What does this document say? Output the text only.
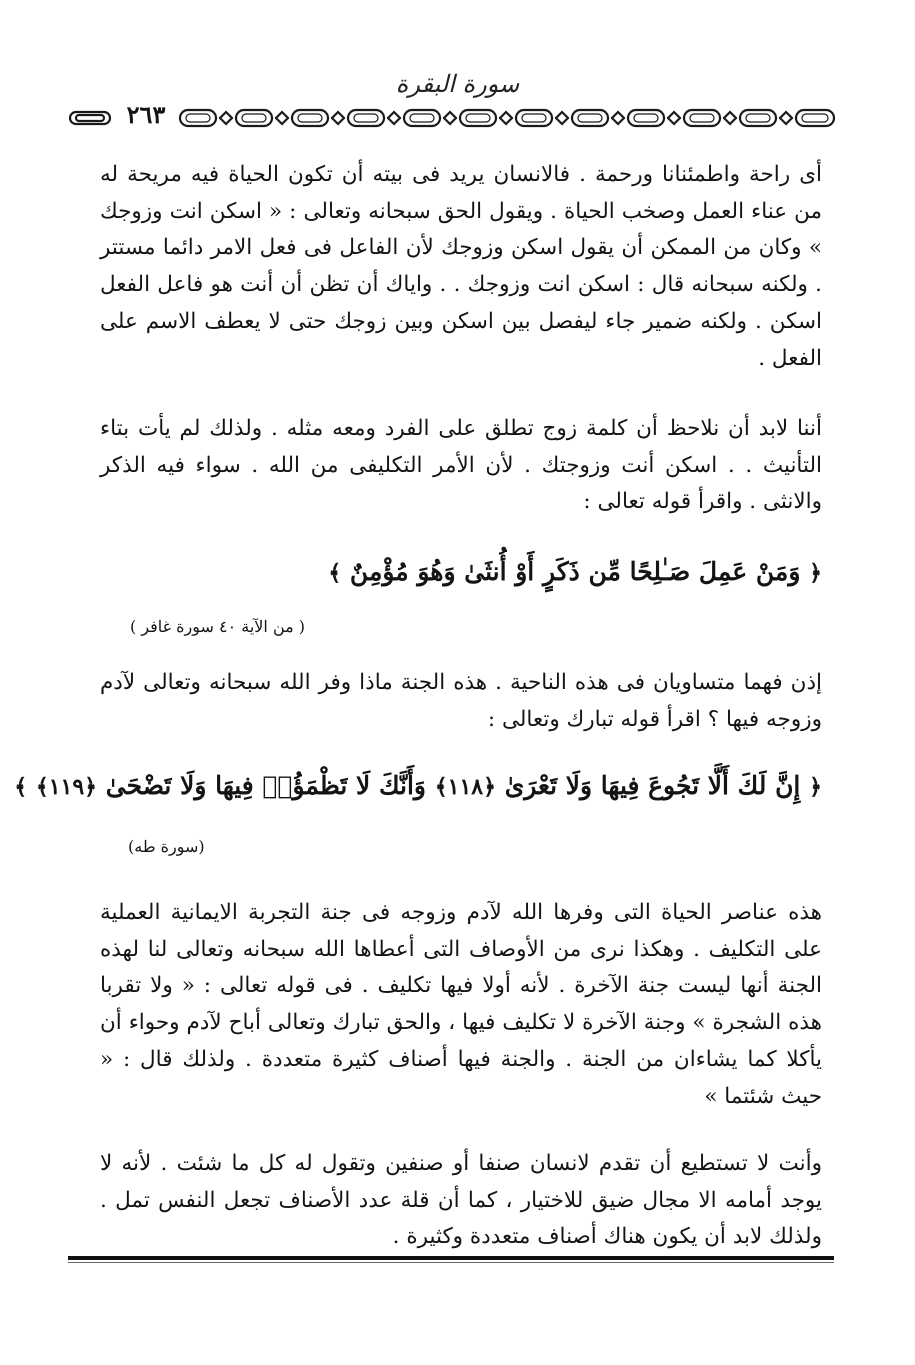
سورة البقرة
٢٦٣

أى راحة واطمئنانا ورحمة . فالانسان يريد فى بيته أن تكون الحياة فيه مريحة له من عناء العمل وصخب الحياة . ويقول الحق سبحانه وتعالى : « اسكن انت وزوجك » وكان من الممكن أن يقول اسكن وزوجك لأن الفاعل فى فعل الامر دائما مستتر . ولكنه سبحانه قال : اسكن انت وزوجك . . واياك أن تظن أن أنت هو فاعل الفعل اسكن . ولكنه ضمير جاء ليفصل بين اسكن وبين زوجك حتى لا يعطف الاسم على الفعل .

أننا لابد أن نلاحظ أن كلمة زوج تطلق على الفرد ومعه مثله . ولذلك لم يأت بتاء التأنيث . . اسكن أنت وزوجتك . لأن الأمر التكليفى من الله . سواء فيه الذكر والانثى . واقرأ قوله تعالى :

﴿ وَمَنْ عَمِلَ صَـٰلِحًا مِّن ذَكَرٍ أَوْ أُنثَىٰ وَهُوَ مُؤْمِنٌ ﴾
( من الآية ٤٠ سورة غافر )

إذن فهما متساويان فى هذه الناحية . هذه الجنة ماذا وفر الله سبحانه وتعالى لآدم وزوجه فيها ؟ اقرأ قوله تبارك وتعالى :

﴿ إِنَّ لَكَ أَلَّا تَجُوعَ فِيهَا وَلَا تَعْرَىٰ ﴿١١٨﴾ وَأَنَّكَ لَا تَظْمَؤُا۟ فِيهَا وَلَا تَضْحَىٰ ﴿١١٩﴾ ﴾
(سورة طه)

هذه عناصر الحياة التى وفرها الله لآدم وزوجه فى جنة التجربة الايمانية العملية على التكليف . وهكذا نرى من الأوصاف التى أعطاها الله سبحانه وتعالى لنا لهذه الجنة أنها ليست جنة الآخرة . لأنه أولا فيها تكليف . فى قوله تعالى : « ولا تقربا هذه الشجرة » وجنة الآخرة لا تكليف فيها ، والحق تبارك وتعالى أباح لآدم وحواء أن يأكلا كما يشاءان من الجنة . والجنة فيها أصناف كثيرة متعددة . ولذلك قال : « حيث شئتما »

وأنت لا تستطيع أن تقدم لانسان صنفا أو صنفين وتقول له كل ما شئت . لأنه لا يوجد أمامه الا مجال ضيق للاختيار ، كما أن قلة عدد الأصناف تجعل النفس تمل . ولذلك لابد أن يكون هناك أصناف متعددة وكثيرة .
